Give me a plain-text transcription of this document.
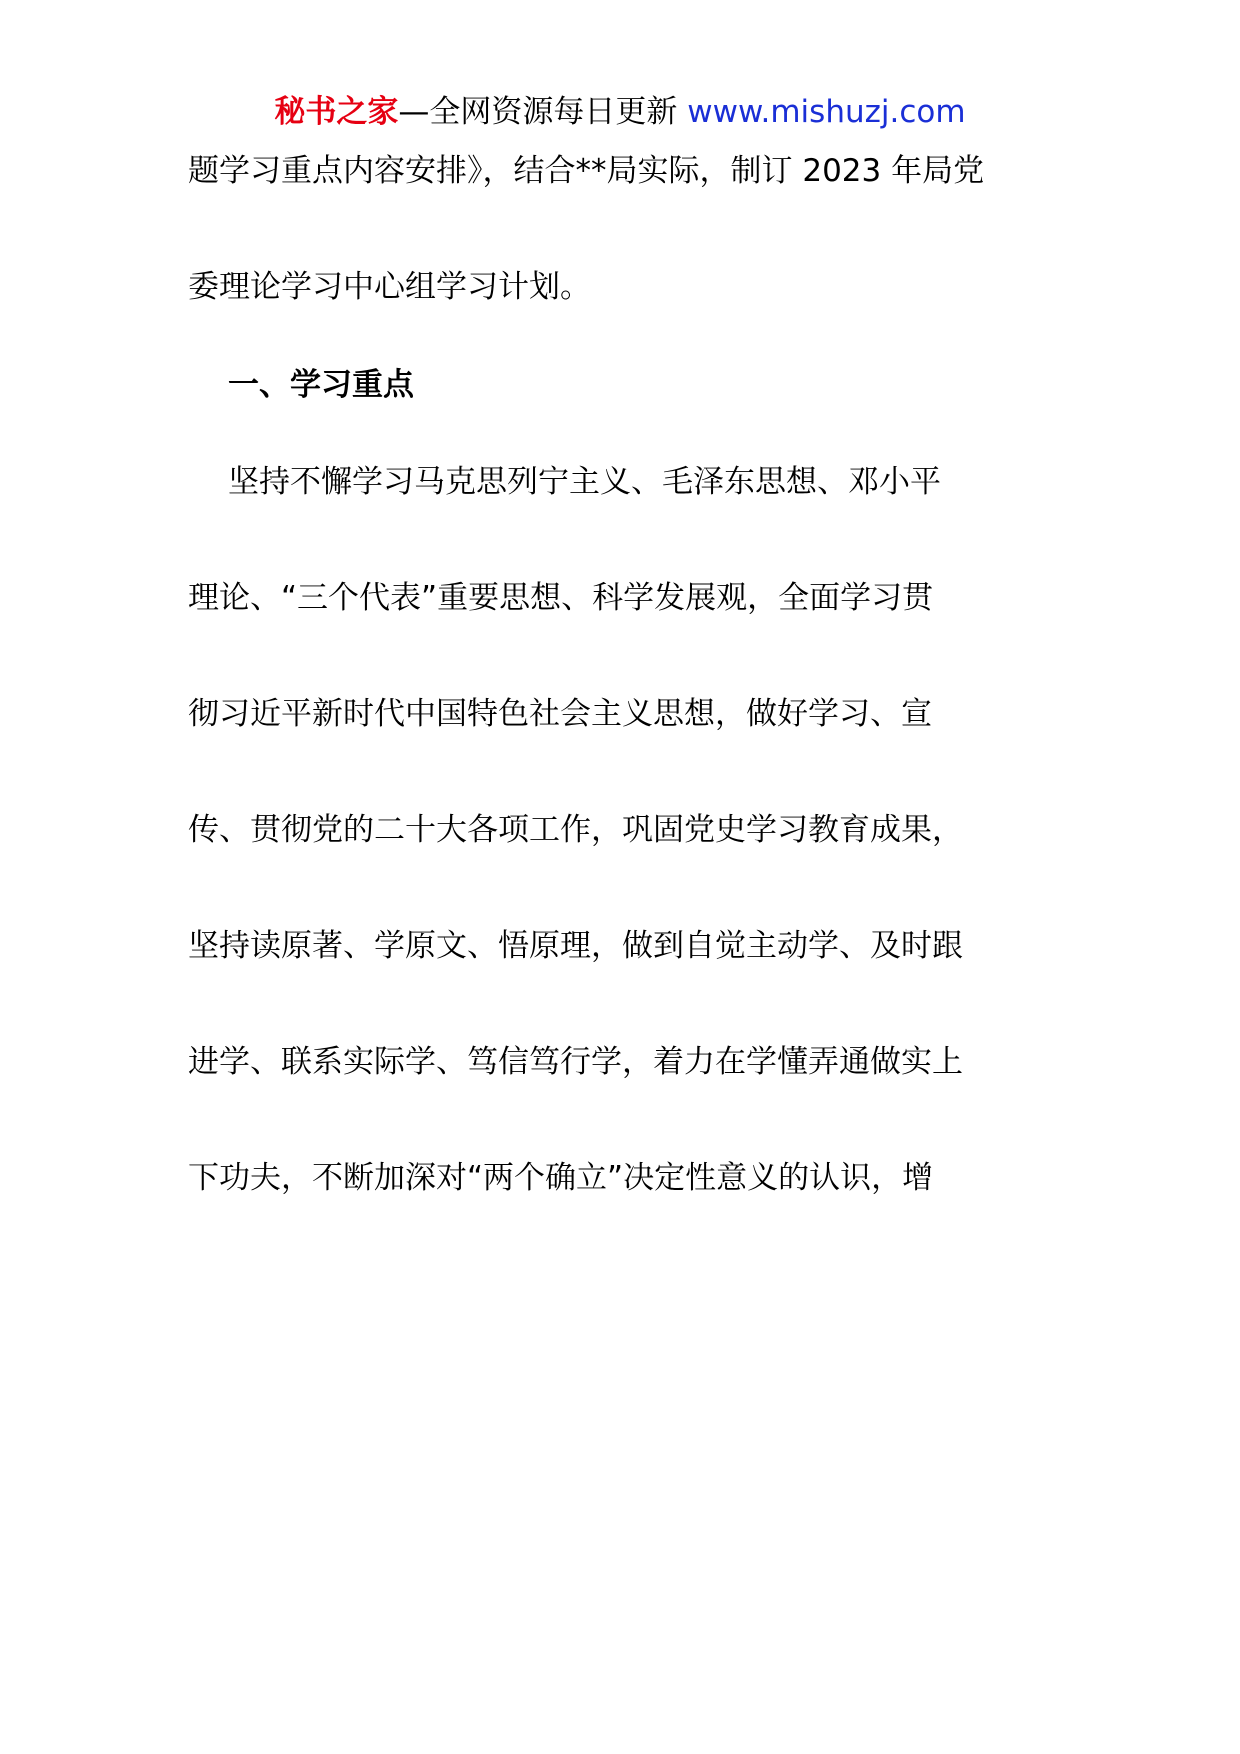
秘书之家—全网资源每日更新 www.mishuzj.com
题学习重点内容安排》，结合**局实际，制订 2023 年局党
委理论学习中心组学习计划。
一、学习重点
坚持不懈学习马克思列宁主义、毛泽东思想、邓小平
理论、“三个代表”重要思想、科学发展观，全面学习贯
彻习近平新时代中国特色社会主义思想，做好学习、宣
传、贯彻党的二十大各项工作，巩固党史学习教育成果，
坚持读原著、学原文、悟原理，做到自觉主动学、及时跟
进学、联系实际学、笃信笃行学，着力在学懂弄通做实上
下功夫，不断加深对“两个确立”决定性意义的认识，增
